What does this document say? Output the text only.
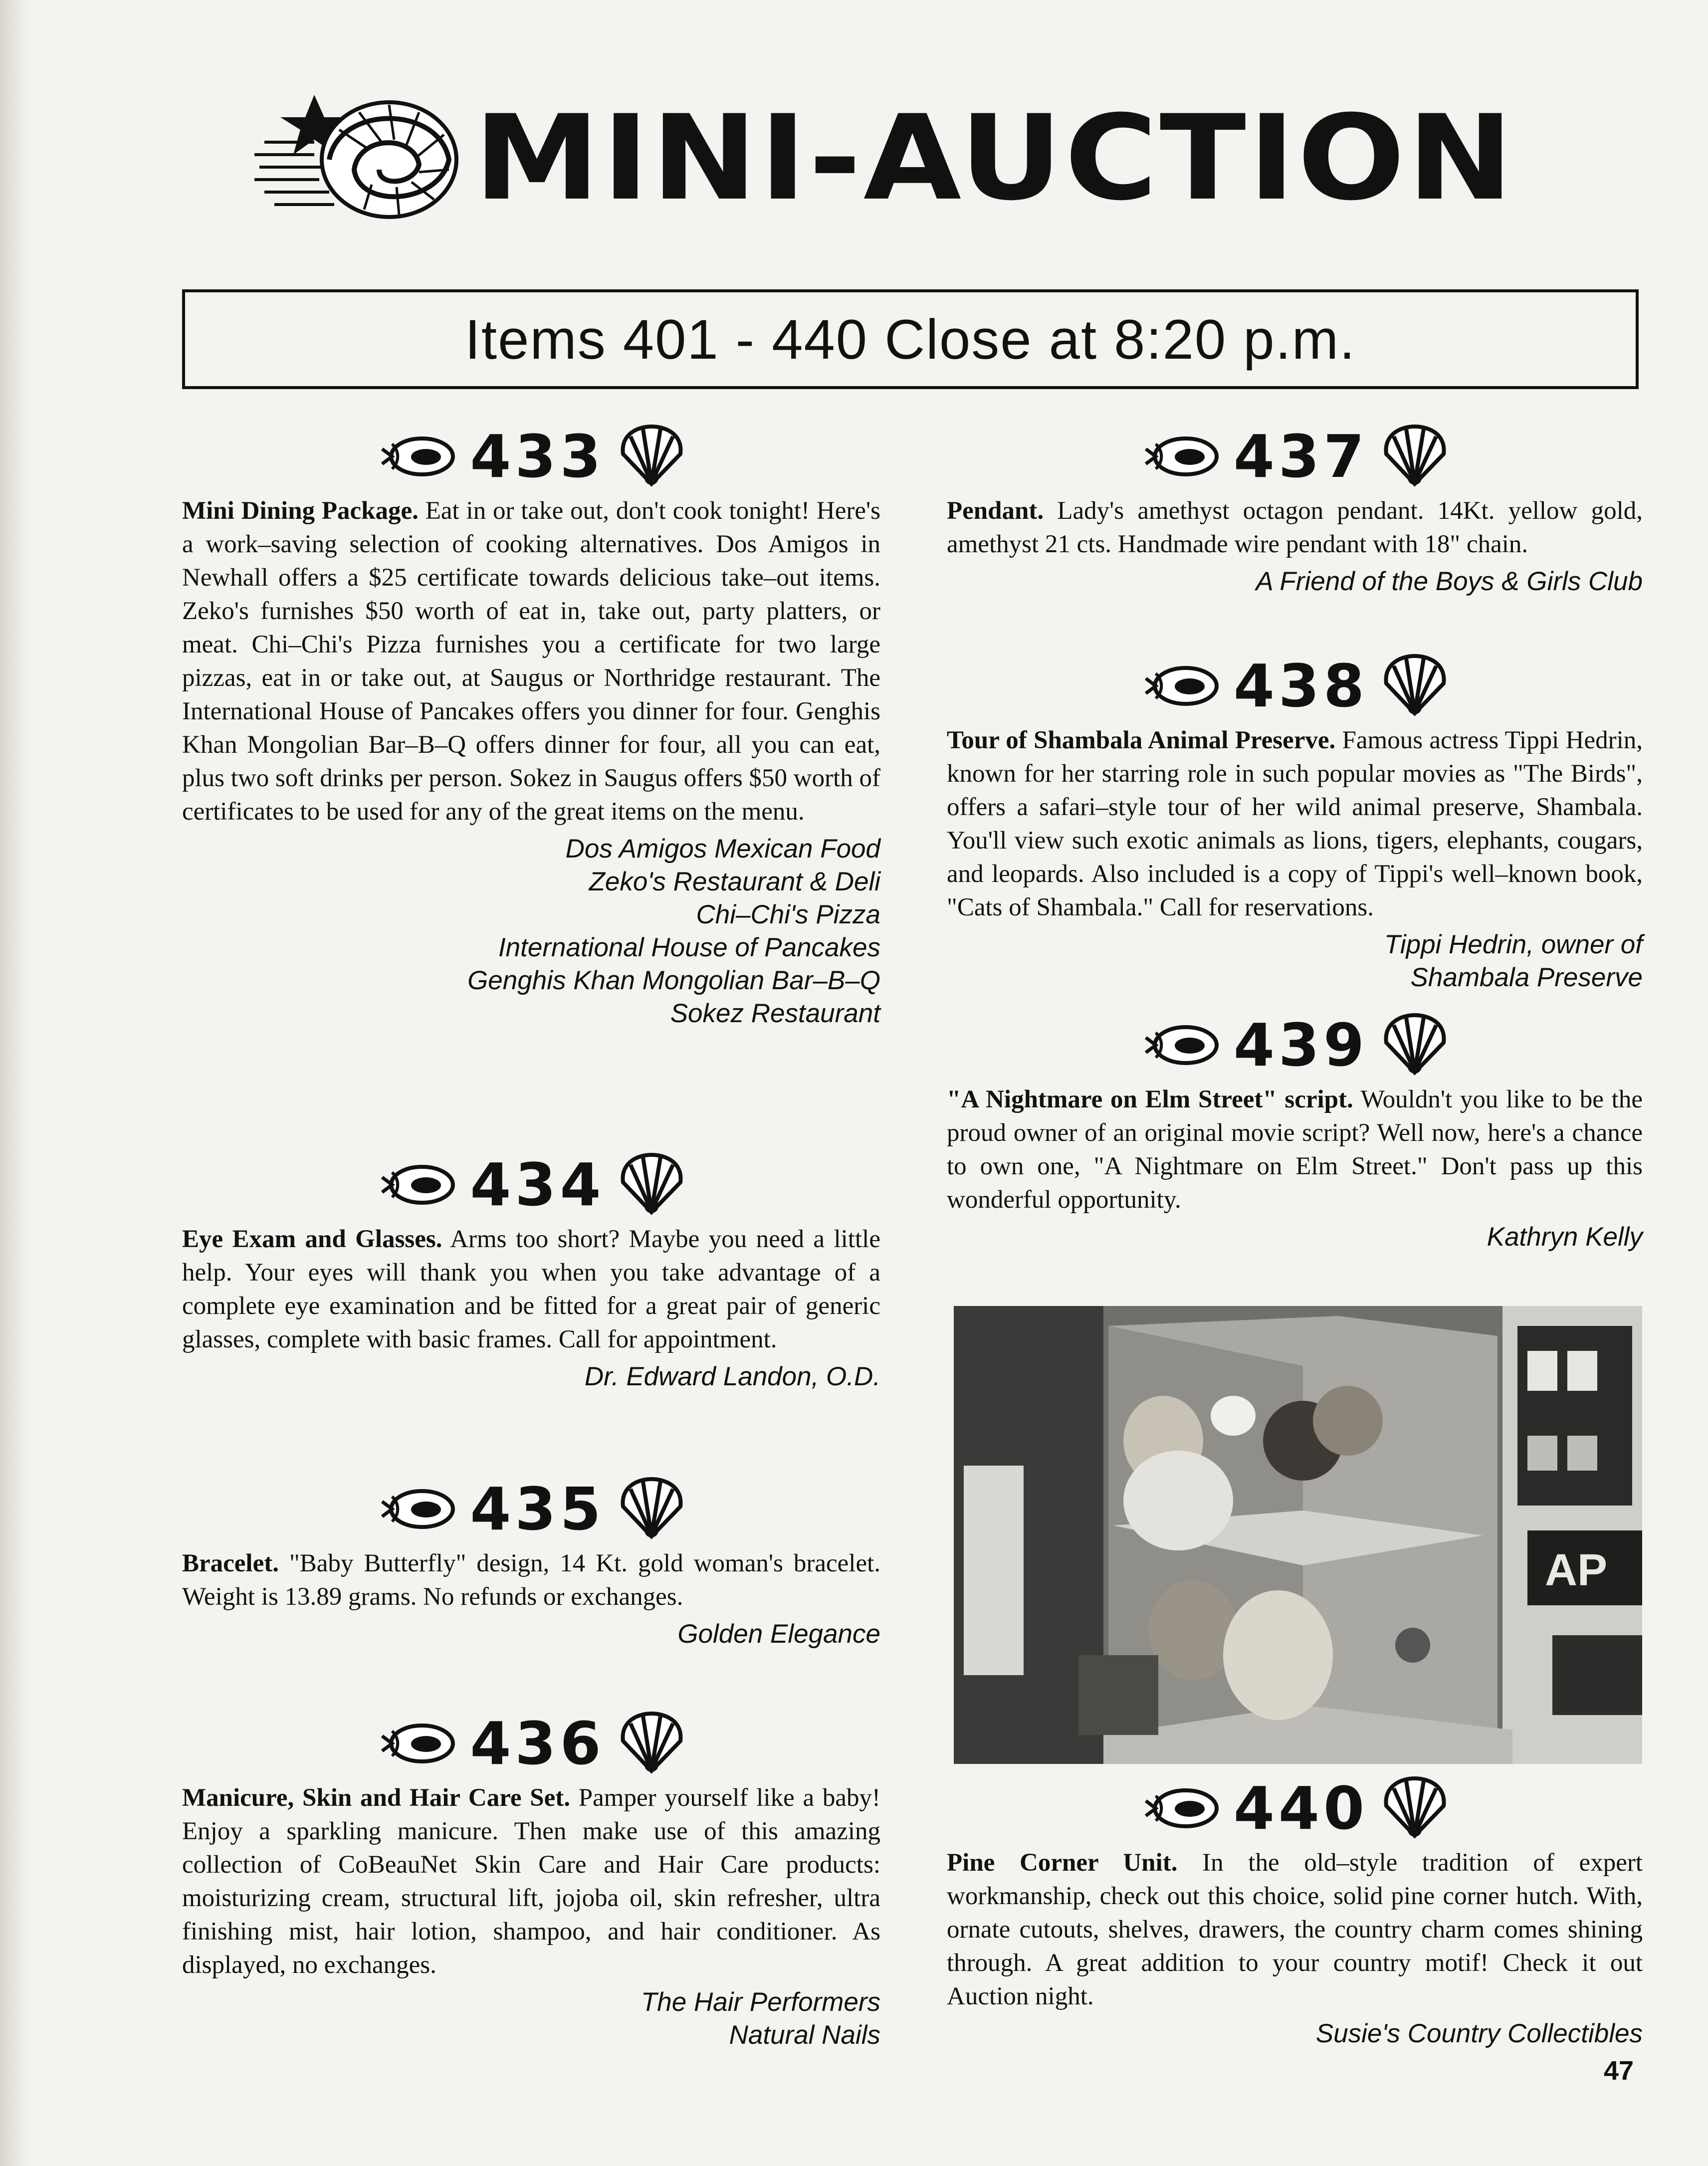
MINI-AUCTION
Items 401 - 440 Close at 8:20 p.m.
433
Mini Dining Package. Eat in or take out, don't cook tonight! Here's a work–saving selection of cooking alternatives. Dos Amigos in Newhall offers a $25 certificate towards delicious take–out items. Zeko's furnishes $50 worth of eat in, take out, party platters, or meat. Chi–Chi's Pizza furnishes you a certificate for two large pizzas, eat in or take out, at Saugus or Northridge restaurant. The International House of Pancakes offers you dinner for four. Genghis Khan Mongolian Bar–B–Q offers dinner for four, all you can eat, plus two soft drinks per person. Sokez in Saugus offers $50 worth of certificates to be used for any of the great items on the menu.
Dos Amigos Mexican Food
Zeko's Restaurant & Deli
Chi–Chi's Pizza
International House of Pancakes
Genghis Khan Mongolian Bar–B–Q
Sokez Restaurant
434
Eye Exam and Glasses. Arms too short? Maybe you need a little help. Your eyes will thank you when you take advantage of a complete eye examination and be fitted for a great pair of generic glasses, complete with basic frames. Call for appointment.
Dr. Edward Landon, O.D.
435
Bracelet. "Baby Butterfly" design, 14 Kt. gold woman's bracelet. Weight is 13.89 grams. No refunds or exchanges.
Golden Elegance
436
Manicure, Skin and Hair Care Set. Pamper yourself like a baby! Enjoy a sparkling manicure. Then make use of this amazing collection of CoBeauNet Skin Care and Hair Care products: moisturizing cream, structural lift, jojoba oil, skin refresher, ultra finishing mist, hair lotion, shampoo, and hair conditioner. As displayed, no exchanges.
The Hair Performers
Natural Nails
437
Pendant. Lady's amethyst octagon pendant. 14Kt. yellow gold, amethyst 21 cts. Handmade wire pendant with 18" chain.
A Friend of the Boys & Girls Club
438
Tour of Shambala Animal Preserve. Famous actress Tippi Hedrin, known for her starring role in such popular movies as "The Birds", offers a safari–style tour of her wild animal preserve, Shambala. You'll view such exotic animals as lions, tigers, elephants, cougars, and leopards. Also included is a copy of Tippi's well–known book, "Cats of Shambala." Call for reservations.
Tippi Hedrin, owner of
Shambala Preserve
439
"A Nightmare on Elm Street" script. Wouldn't you like to be the proud owner of an original movie script? Well now, here's a chance to own one, "A Nightmare on Elm Street." Don't pass up this wonderful opportunity.
Kathryn Kelly
440
Pine Corner Unit. In the old–style tradition of expert workmanship, check out this choice, solid pine corner hutch. With, ornate cutouts, shelves, drawers, the country charm comes shining through. A great addition to your country motif! Check it out Auction night.
Susie's Country Collectibles
AP
47
